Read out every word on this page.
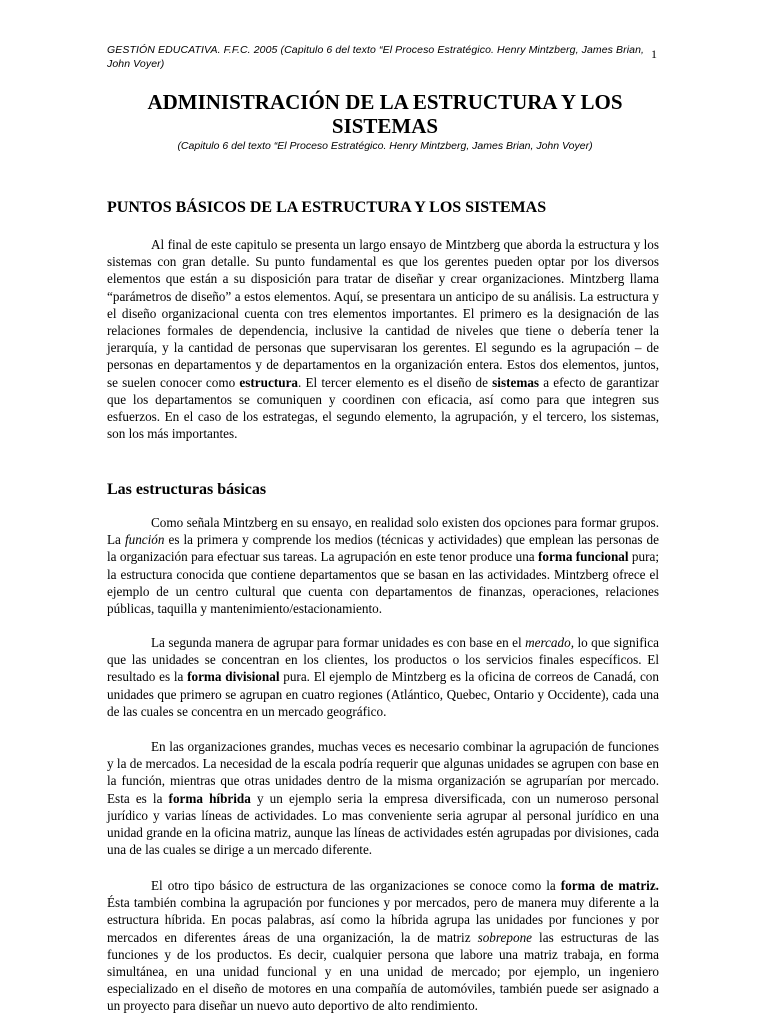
GESTIÓN EDUCATIVA. F.F.C. 2005 (Capitulo 6 del texto “El Proceso Estratégico. Henry Mintzberg, James Brian, John Voyer)
1
ADMINISTRACIÓN DE LA ESTRUCTURA Y LOS SISTEMAS
(Capitulo 6 del texto “El Proceso Estratégico. Henry Mintzberg, James Brian, John Voyer)
PUNTOS BÁSICOS DE LA ESTRUCTURA Y LOS SISTEMAS

Al final de este capitulo se presenta un largo ensayo de Mintzberg que aborda la estructura y los sistemas con gran detalle. Su punto fundamental es que los gerentes pueden optar por los diversos elementos que están a su disposición para tratar de diseñar y crear organizaciones. Mintzberg llama “parámetros de diseño” a estos elementos. Aquí, se presentara un anticipo de su análisis. La estructura y el diseño organizacional cuenta con tres elementos importantes. El primero es la designación de las relaciones formales de dependencia, inclusive la cantidad de niveles que tiene o debería tener la jerarquía, y la cantidad de personas que supervisaran los gerentes. El segundo es la agrupación – de personas en departamentos y de departamentos en la organización entera. Estos dos elementos, juntos, se suelen conocer como estructura. El tercer elemento es el diseño de sistemas a efecto de garantizar que los departamentos se comuniquen y coordinen con eficacia, así como para que integren sus esfuerzos. En el caso de los estrategas, el segundo elemento, la agrupación, y el tercero, los sistemas, son los más importantes.

Las estructuras básicas

Como señala Mintzberg en su ensayo, en realidad solo existen dos opciones para formar grupos. La función es la primera y comprende los medios (técnicas y actividades) que emplean las personas de la organización para efectuar sus tareas. La agrupación en este tenor produce una forma funcional pura; la estructura conocida que contiene departamentos que se basan en las actividades. Mintzberg ofrece el ejemplo de un centro cultural que cuenta con departamentos de finanzas, operaciones, relaciones públicas, taquilla y mantenimiento/estacionamiento.

La segunda manera de agrupar para formar unidades es con base en el mercado, lo que significa que las unidades se concentran en los clientes, los productos o los servicios finales específicos. El resultado es la forma divisional pura. El ejemplo de Mintzberg es la oficina de correos de Canadá, con unidades que primero se agrupan en cuatro regiones (Atlántico, Quebec, Ontario y Occidente), cada una de las cuales se concentra en un mercado geográfico.

En las organizaciones grandes, muchas veces es necesario combinar la agrupación de funciones y la de mercados. La necesidad de la escala podría requerir que algunas unidades se agrupen con base en la función, mientras que otras unidades dentro de la misma organización se agruparían por mercado. Esta es la forma híbrida y un ejemplo seria la empresa diversificada, con un numeroso personal jurídico y varias líneas de actividades. Lo mas conveniente seria agrupar al personal jurídico en una unidad grande en la oficina matriz, aunque las líneas de actividades estén agrupadas por divisiones, cada una de las cuales se dirige a un mercado diferente.

El otro tipo básico de estructura de las organizaciones se conoce como la forma de matriz. Ésta también combina la agrupación por funciones y por mercados, pero de manera muy diferente a la estructura híbrida. En pocas palabras, así como la híbrida agrupa las unidades por funciones y por mercados en diferentes áreas de una organización, la de matriz sobrepone las estructuras de las funciones y de los productos. Es decir, cualquier persona que labore una matriz trabaja, en forma simultánea, en una unidad funcional y en una unidad de mercado; por ejemplo, un ingeniero especializado en el diseño de motores en una compañía de automóviles, también puede ser asignado a un proyecto para diseñar un nuevo auto deportivo de alto rendimiento.
